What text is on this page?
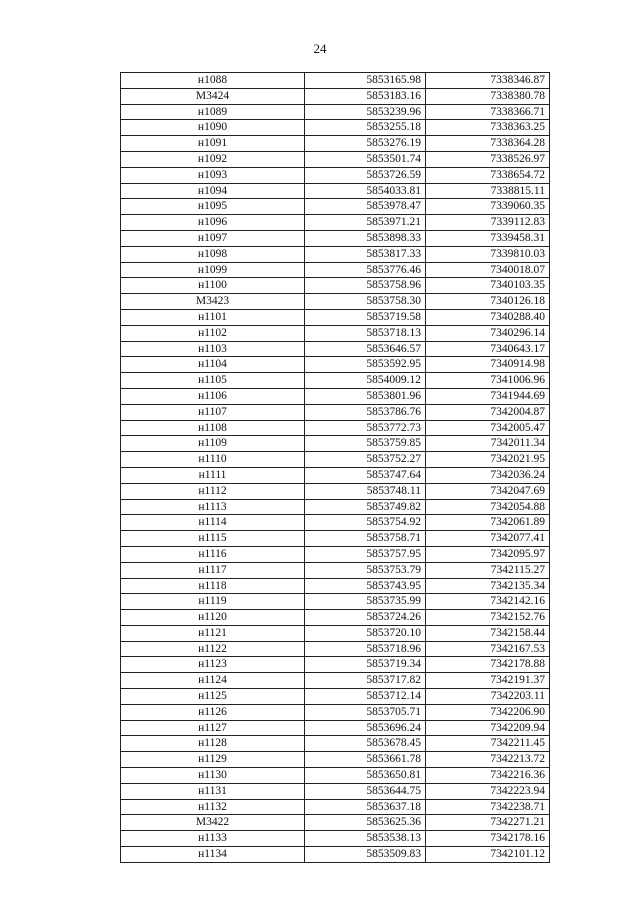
24
н1088	5853165.98	7338346.87
М3424	5853183.16	7338380.78
н1089	5853239.96	7338366.71
н1090	5853255.18	7338363.25
н1091	5853276.19	7338364.28
н1092	5853501.74	7338526.97
н1093	5853726.59	7338654.72
н1094	5854033.81	7338815.11
н1095	5853978.47	7339060.35
н1096	5853971.21	7339112.83
н1097	5853898.33	7339458.31
н1098	5853817.33	7339810.03
н1099	5853776.46	7340018.07
н1100	5853758.96	7340103.35
М3423	5853758.30	7340126.18
н1101	5853719.58	7340288.40
н1102	5853718.13	7340296.14
н1103	5853646.57	7340643.17
н1104	5853592.95	7340914.98
н1105	5854009.12	7341006.96
н1106	5853801.96	7341944.69
н1107	5853786.76	7342004.87
н1108	5853772.73	7342005.47
н1109	5853759.85	7342011.34
н1110	5853752.27	7342021.95
н1111	5853747.64	7342036.24
н1112	5853748.11	7342047.69
н1113	5853749.82	7342054.88
н1114	5853754.92	7342061.89
н1115	5853758.71	7342077.41
н1116	5853757.95	7342095.97
н1117	5853753.79	7342115.27
н1118	5853743.95	7342135.34
н1119	5853735.99	7342142.16
н1120	5853724.26	7342152.76
н1121	5853720.10	7342158.44
н1122	5853718.96	7342167.53
н1123	5853719.34	7342178.88
н1124	5853717.82	7342191.37
н1125	5853712.14	7342203.11
н1126	5853705.71	7342206.90
н1127	5853696.24	7342209.94
н1128	5853678.45	7342211.45
н1129	5853661.78	7342213.72
н1130	5853650.81	7342216.36
н1131	5853644.75	7342223.94
н1132	5853637.18	7342238.71
М3422	5853625.36	7342271.21
н1133	5853538.13	7342178.16
н1134	5853509.83	7342101.12
